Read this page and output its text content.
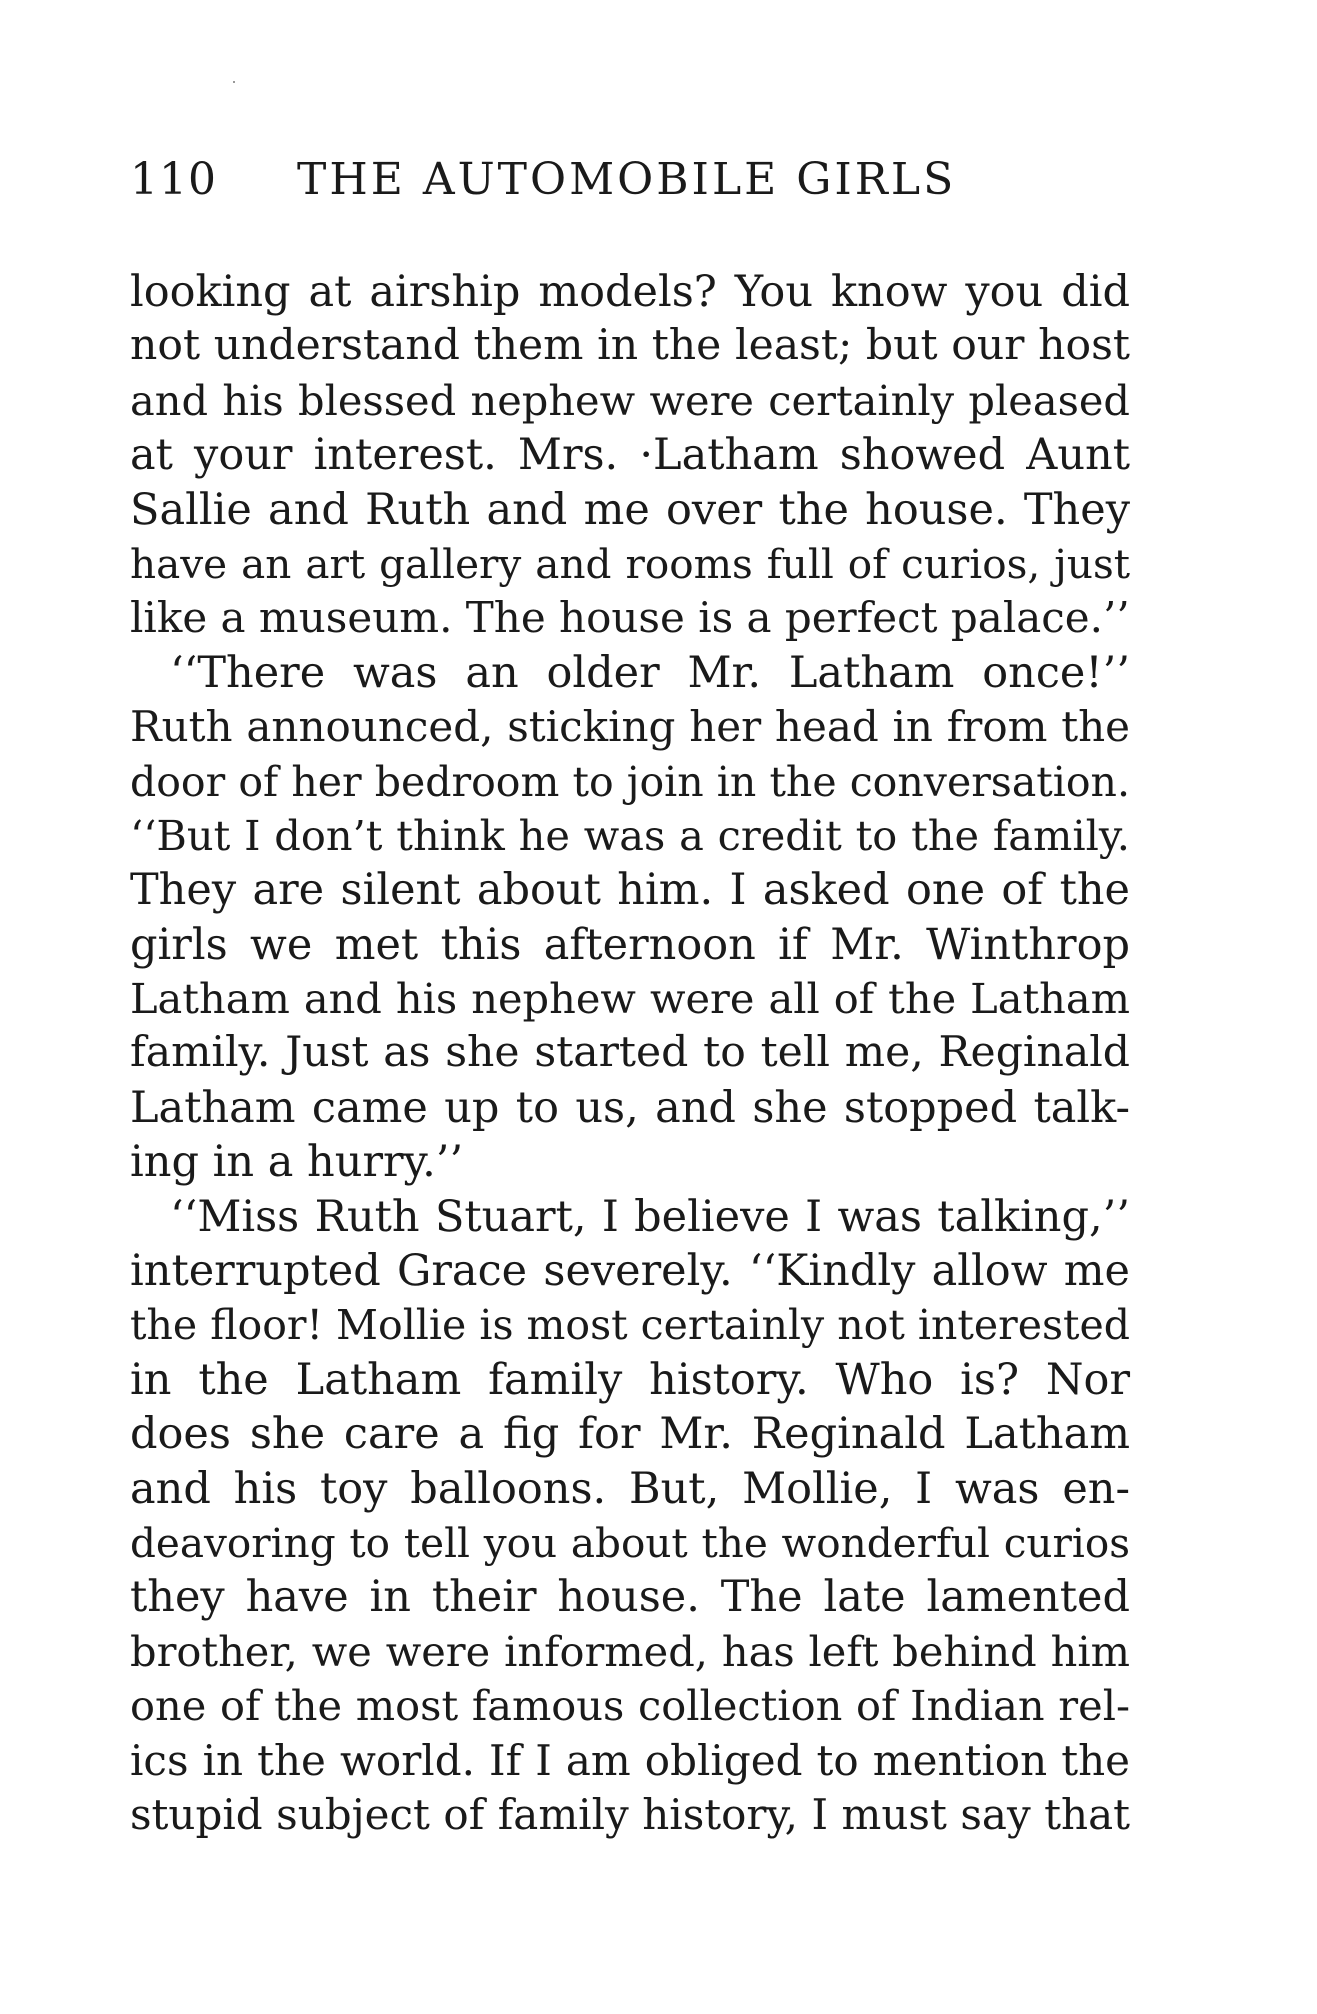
110 THE AUTOMOBILE GIRLS
looking at airship models? You know you did
not understand them in the least; but our host
and his blessed nephew were certainly pleased
at your interest. Mrs. ·Latham showed Aunt
Sallie and Ruth and me over the house. They
have an art gallery and rooms full of curios, just
like a museum. The house is a perfect palace.’’
‘‘There was an older Mr. Latham once!’’
Ruth announced, sticking her head in from the
door of her bedroom to join in the conversation.
‘‘But I don’t think he was a credit to the family.
They are silent about him. I asked one of the
girls we met this afternoon if Mr. Winthrop
Latham and his nephew were all of the Latham
family. Just as she started to tell me, Reginald
Latham came up to us, and she stopped talk-
ing in a hurry.’’
‘‘Miss Ruth Stuart, I believe I was talking,’’
interrupted Grace severely. ‘‘Kindly allow me
the floor! Mollie is most certainly not interested
in the Latham family history. Who is? Nor
does she care a fig for Mr. Reginald Latham
and his toy balloons. But, Mollie, I was en-
deavoring to tell you about the wonderful curios
they have in their house. The late lamented
brother, we were informed, has left behind him
one of the most famous collection of Indian rel-
ics in the world. If I am obliged to mention the
stupid subject of family history, I must say that
